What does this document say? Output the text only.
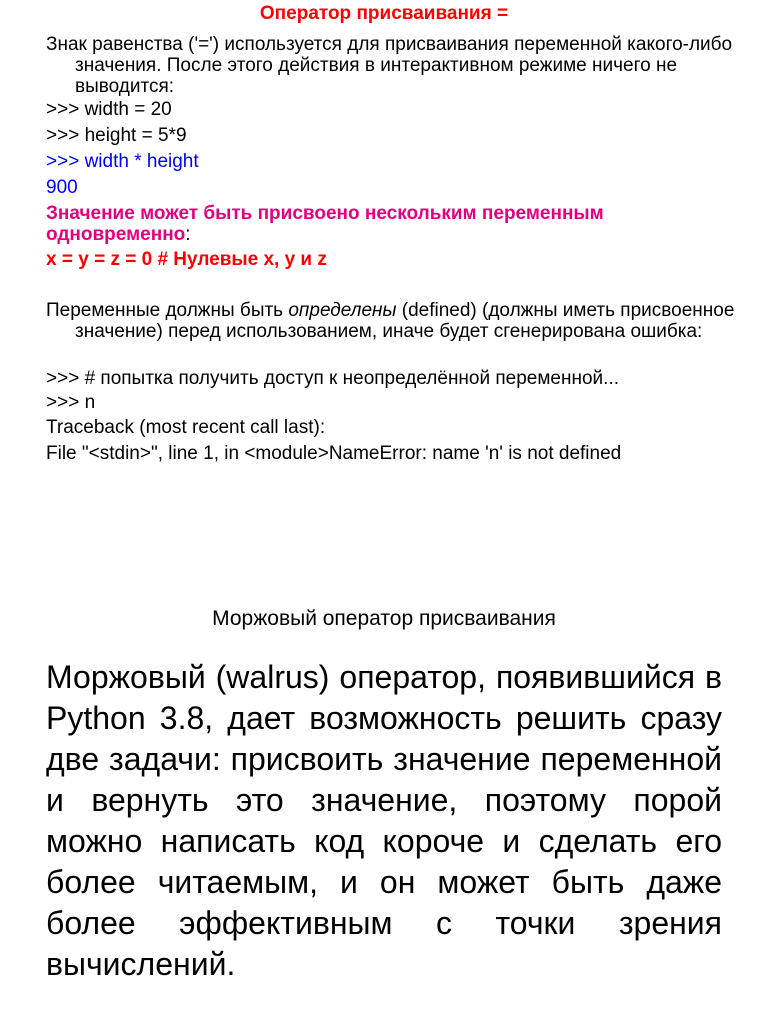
Оператор присваивания =
Знак равенства ('=') используется для присваивания переменной какого-либо значения. После этого действия в интерактивном режиме ничего не выводится:
>>> width = 20
>>> height = 5*9
>>> width * height
900
Значение может быть присвоено нескольким переменным одновременно:
x = y = z = 0 # Нулевые x, y и z
Переменные должны быть определены (defined) (должны иметь присвоенное значение) перед использованием, иначе будет сгенерирована ошибка:
>>> # попытка получить доступ к неопределённой переменной...
>>> n
Traceback (most recent call last):
File "<stdin>", line 1, in <module>NameError: name 'n' is not defined
Моржовый оператор присваивания
Моржовый (walrus) оператор, появившийся в Python 3.8, дает возможность решить сразу две задачи: присвоить значение переменной и вернуть это значение, поэтому порой можно написать код короче и сделать его более читаемым, и он может быть даже более эффективным с точки зрения вычислений.
